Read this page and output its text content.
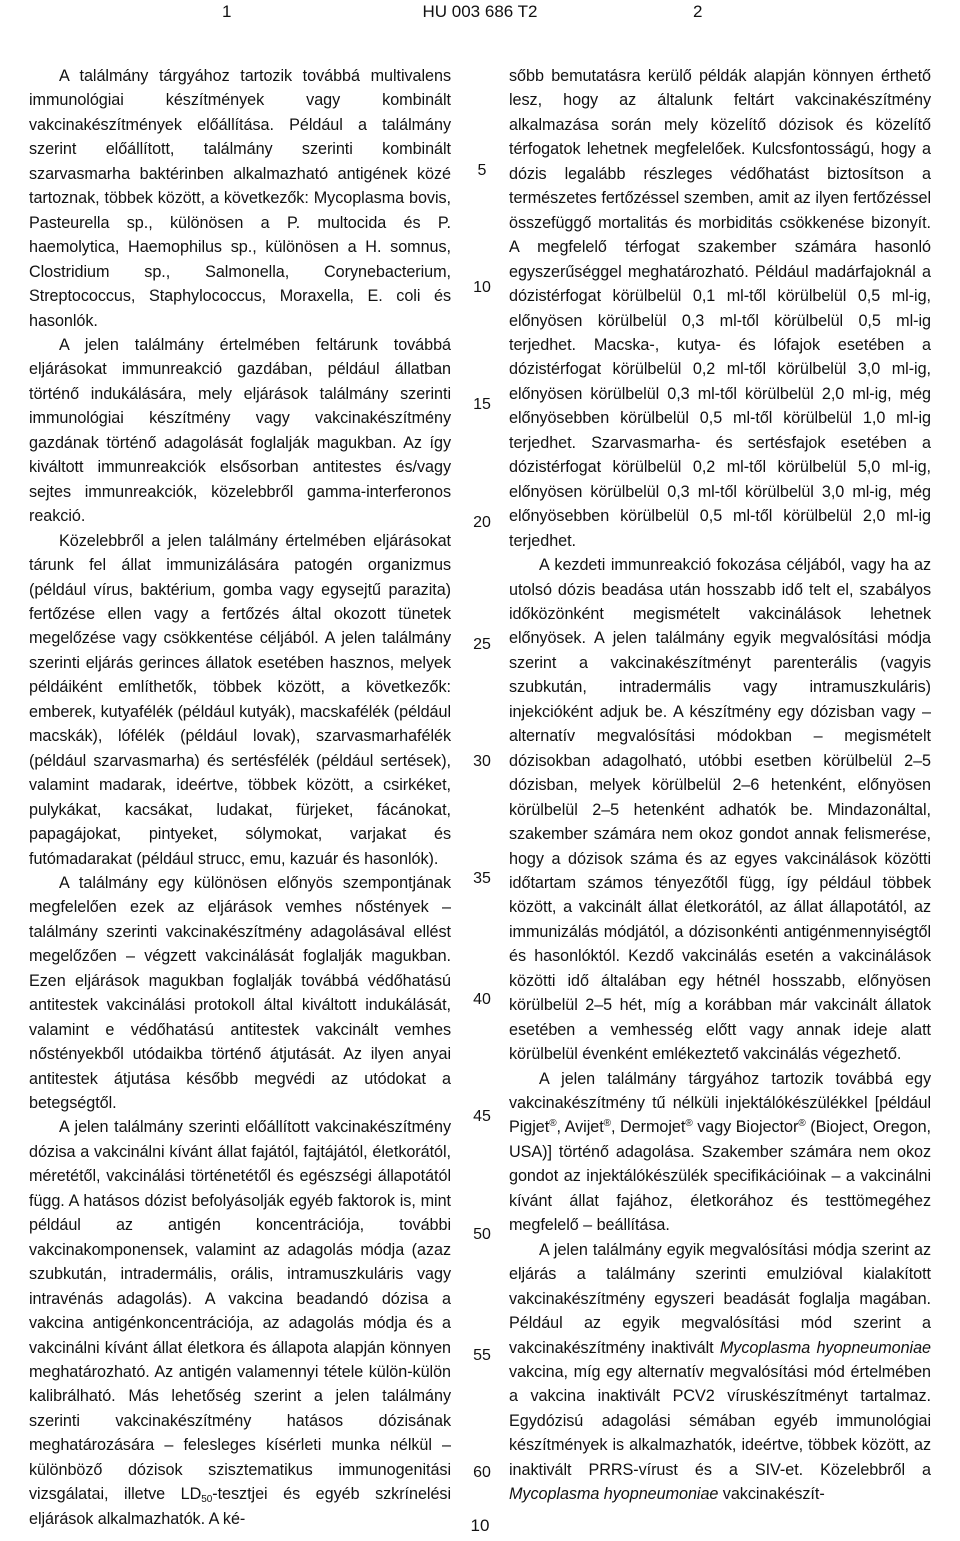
1	HU 003 686 T2	2

A találmány tárgyához tartozik továbbá multivalens immunológiai készítmények vagy kombinált vakcinakészítmények előállítása. Például a találmány szerint előállított, találmány szerinti kombinált szarvasmarha baktérinben alkalmazható antigének közé tartoznak, többek között, a következők: Mycoplasma bovis, Pasteurella sp., különösen a P. multocida és P. haemolytica, Haemophilus sp., különösen a H. somnus, Clostridium sp., Salmonella, Corynebacterium, Streptococcus, Staphylococcus, Moraxella, E. coli és hasonlók.

A jelen találmány értelmében feltárunk továbbá eljárásokat immunreakció gazdában, például állatban történő indukálására, mely eljárások találmány szerinti immunológiai készítmény vagy vakcinakészítmény gazdának történő adagolását foglalják magukban. Az így kiváltott immunreakciók elsősorban antitestes és/vagy sejtes immunreakciók, közelebbről gamma-interferonos reakció.

Közelebbről a jelen találmány értelmében eljárásokat tárunk fel állat immunizálására patogén organizmus (például vírus, baktérium, gomba vagy egysejtű parazita) fertőzése ellen vagy a fertőzés által okozott tünetek megelőzése vagy csökkentése céljából. A jelen találmány szerinti eljárás gerinces állatok esetében hasznos, melyek példáiként említhetők, többek között, a következők: emberek, kutyafélék (például kutyák), macskafélék (például macskák), lófélék (például lovak), szarvasmarhafélék (például szarvasmarha) és sertésfélék (például sertések), valamint madarak, ideértve, többek között, a csirkéket, pulykákat, kacsákat, ludakat, fürjeket, fácánokat, papagájokat, pintyeket, sólymokat, varjakat és futómadarakat (például strucc, emu, kazuár és hasonlók).

A találmány egy különösen előnyös szempontjának megfelelően ezek az eljárások vemhes nőstények – találmány szerinti vakcinakészítmény adagolásával ellést megelőzően – végzett vakcinálását foglalják magukban. Ezen eljárások magukban foglalják továbbá védőhatású antitestek vakcinálási protokoll által kiváltott indukálását, valamint e védőhatású antitestek vakcinált vemhes nőstényekből utódaikba történő átjutását. Az ilyen anyai antitestek átjutása később megvédi az utódokat a betegségtől.

A jelen találmány szerinti előállított vakcinakészítmény dózisa a vakcinálni kívánt állat fajától, fajtájától, életkorától, méretétől, vakcinálási történetétől és egészségi állapotától függ. A hatásos dózist befolyásolják egyéb faktorok is, mint például az antigén koncentrációja, további vakcinakomponensek, valamint az adagolás módja (azaz szubkután, intradermális, orális, intramuszkuláris vagy intravénás adagolás). A vakcina beadandó dózisa a vakcina antigénkoncentrációja, az adagolás módja és a vakcinálni kívánt állat életkora és állapota alapján könnyen meghatározható. Az antigén valamennyi tétele külön-külön kalibrálható. Más lehetőség szerint a jelen találmány szerinti vakcinakészítmény hatásos dózisának meghatározására – felesleges kísérleti munka nélkül – különböző dózisok szisztematikus immunogenitási vizsgálatai, illetve $LD_{50}$-tesztjei és egyéb szkrínelési eljárások alkalmazhatók. A ké-

sőbb bemutatásra kerülő példák alapján könnyen érthető lesz, hogy az általunk feltárt vakcinakészítmény alkalmazása során mely közelítő dózisok és közelítő térfogatok lehetnek megfelelőek. Kulcsfontosságú, hogy a dózis legalább részleges védőhatást biztosítson a természetes fertőzéssel szemben, amit az ilyen fertőzéssel összefüggő mortalitás és morbiditás csökkenése bizonyít. A megfelelő térfogat szakember számára hasonló egyszerűséggel meghatározható. Például madárfajoknál a dózistérfogat körülbelül 0,1 ml-től körülbelül 0,5 ml-ig, előnyösen körülbelül 0,3 ml-től körülbelül 0,5 ml-ig terjedhet. Macska-, kutya- és lófajok esetében a dózistérfogat körülbelül 0,2 ml-től körülbelül 3,0 ml-ig, előnyösen körülbelül 0,3 ml-től körülbelül 2,0 ml-ig, még előnyösebben körülbelül 0,5 ml-től körülbelül 1,0 ml-ig terjedhet. Szarvasmarha- és sertésfajok esetében a dózistérfogat körülbelül 0,2 ml-től körülbelül 5,0 ml-ig, előnyösen körülbelül 0,3 ml-től körülbelül 3,0 ml-ig, még előnyösebben körülbelül 0,5 ml-től körülbelül 2,0 ml-ig terjedhet.

A kezdeti immunreakció fokozása céljából, vagy ha az utolsó dózis beadása után hosszabb idő telt el, szabályos időközönként megismételt vakcinálások lehetnek előnyösek. A jelen találmány egyik megvalósítási módja szerint a vakcinakészítményt parenterális (vagyis szubkután, intradermális vagy intramuszkuláris) injekcióként adjuk be. A készítmény egy dózisban vagy – alternatív megvalósítási módokban – megismételt dózisokban adagolható, utóbbi esetben körülbelül 2–5 dózisban, melyek körülbelül 2–6 hetenként, előnyösen körülbelül 2–5 hetenként adhatók be. Mindazonáltal, szakember számára nem okoz gondot annak felismerése, hogy a dózisok száma és az egyes vakcinálások közötti időtartam számos tényezőtől függ, így például többek között, a vakcinált állat életkorától, az állat állapotától, az immunizálás módjától, a dózisonkénti antigénmennyiségtől és hasonlóktól. Kezdő vakcinálás esetén a vakcinálások közötti idő általában egy hétnél hosszabb, előnyösen körülbelül 2–5 hét, míg a korábban már vakcinált állatok esetében a vemhesség előtt vagy annak ideje alatt körülbelül évenként emlékeztető vakcinálás végezhető.

A jelen találmány tárgyához tartozik továbbá egy vakcinakészítmény tű nélküli injektálókészülékkel [például Pigjet®, Avijet®, Dermojet® vagy Biojector® (Bioject, Oregon, USA)] történő adagolása. Szakember számára nem okoz gondot az injektálókészülék specifikációinak – a vakcinálni kívánt állat fajához, életkorához és testtömegéhez megfelelő – beállítása.

A jelen találmány egyik megvalósítási módja szerint az eljárás a találmány szerinti emulzióval kialakított vakcinakészítmény egyszeri beadását foglalja magában. Például az egyik megvalósítási mód szerint a vakcinakészítmény inaktivált Mycoplasma hyopneumoniae vakcina, míg egy alternatív megvalósítási mód értelmében a vakcina inaktivált PCV2 víruskészítményt tartalmaz. Egydózisú adagolási sémában egyéb immunológiai készítmények is alkalmazhatók, ideértve, többek között, az inaktivált PRRS-vírust és a SIV-et. Közelebbről a Mycoplasma hyopneumoniae vakcinakészít-

5
10
15
20
25
30
35
40
45
50
55
60
10
